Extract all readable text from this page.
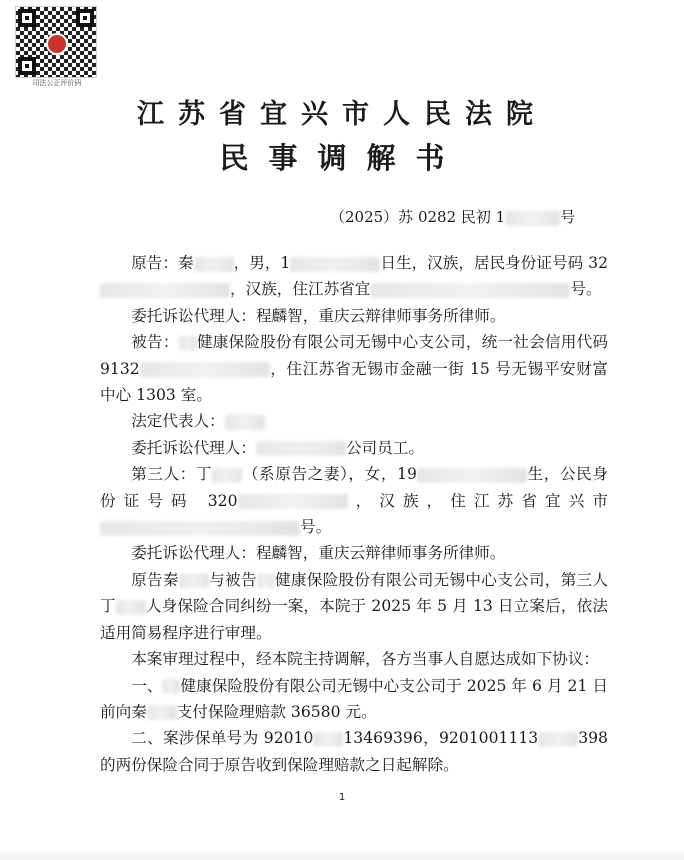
司法公正评价码
江苏省宜兴市人民法院
民事调解书
（2025）苏 0282 民初 1	号

原告：秦	，男，1	日生，汉族，居民身份证号码 32，汉族，住江苏省宜	号。

委托诉讼代理人：程麟智，重庆云辩律师事务所律师。

被告： 健康保险股份有限公司无锡中心支公司，统一社会信用代码 9132	，住江苏省无锡市金融一街 15 号无锡平安财富中心 1303 室。

法定代表人：

委托诉讼代理人：	公司员工。

第三人：丁 （系原告之妻），女，19	生，公民身份证号码 320	，汉族，住江苏省宜兴市号。

委托诉讼代理人：程麟智，重庆云辩律师事务所律师。

原告秦 与被告 健康保险股份有限公司无锡中心支公司，第三人丁 人身保险合同纠纷一案，本院于 2025 年 5 月 13 日立案后，依法适用简易程序进行审理。

本案审理过程中，经本院主持调解，各方当事人自愿达成如下协议：

一、 健康保险股份有限公司无锡中心支公司于 2025 年 6 月 21 日前向秦 支付保险理赔款 36580 元。

二、案涉保单号为 92010 13469396，9201001113	398 的两份保险合同于原告收到保险理赔款之日起解除。

1
